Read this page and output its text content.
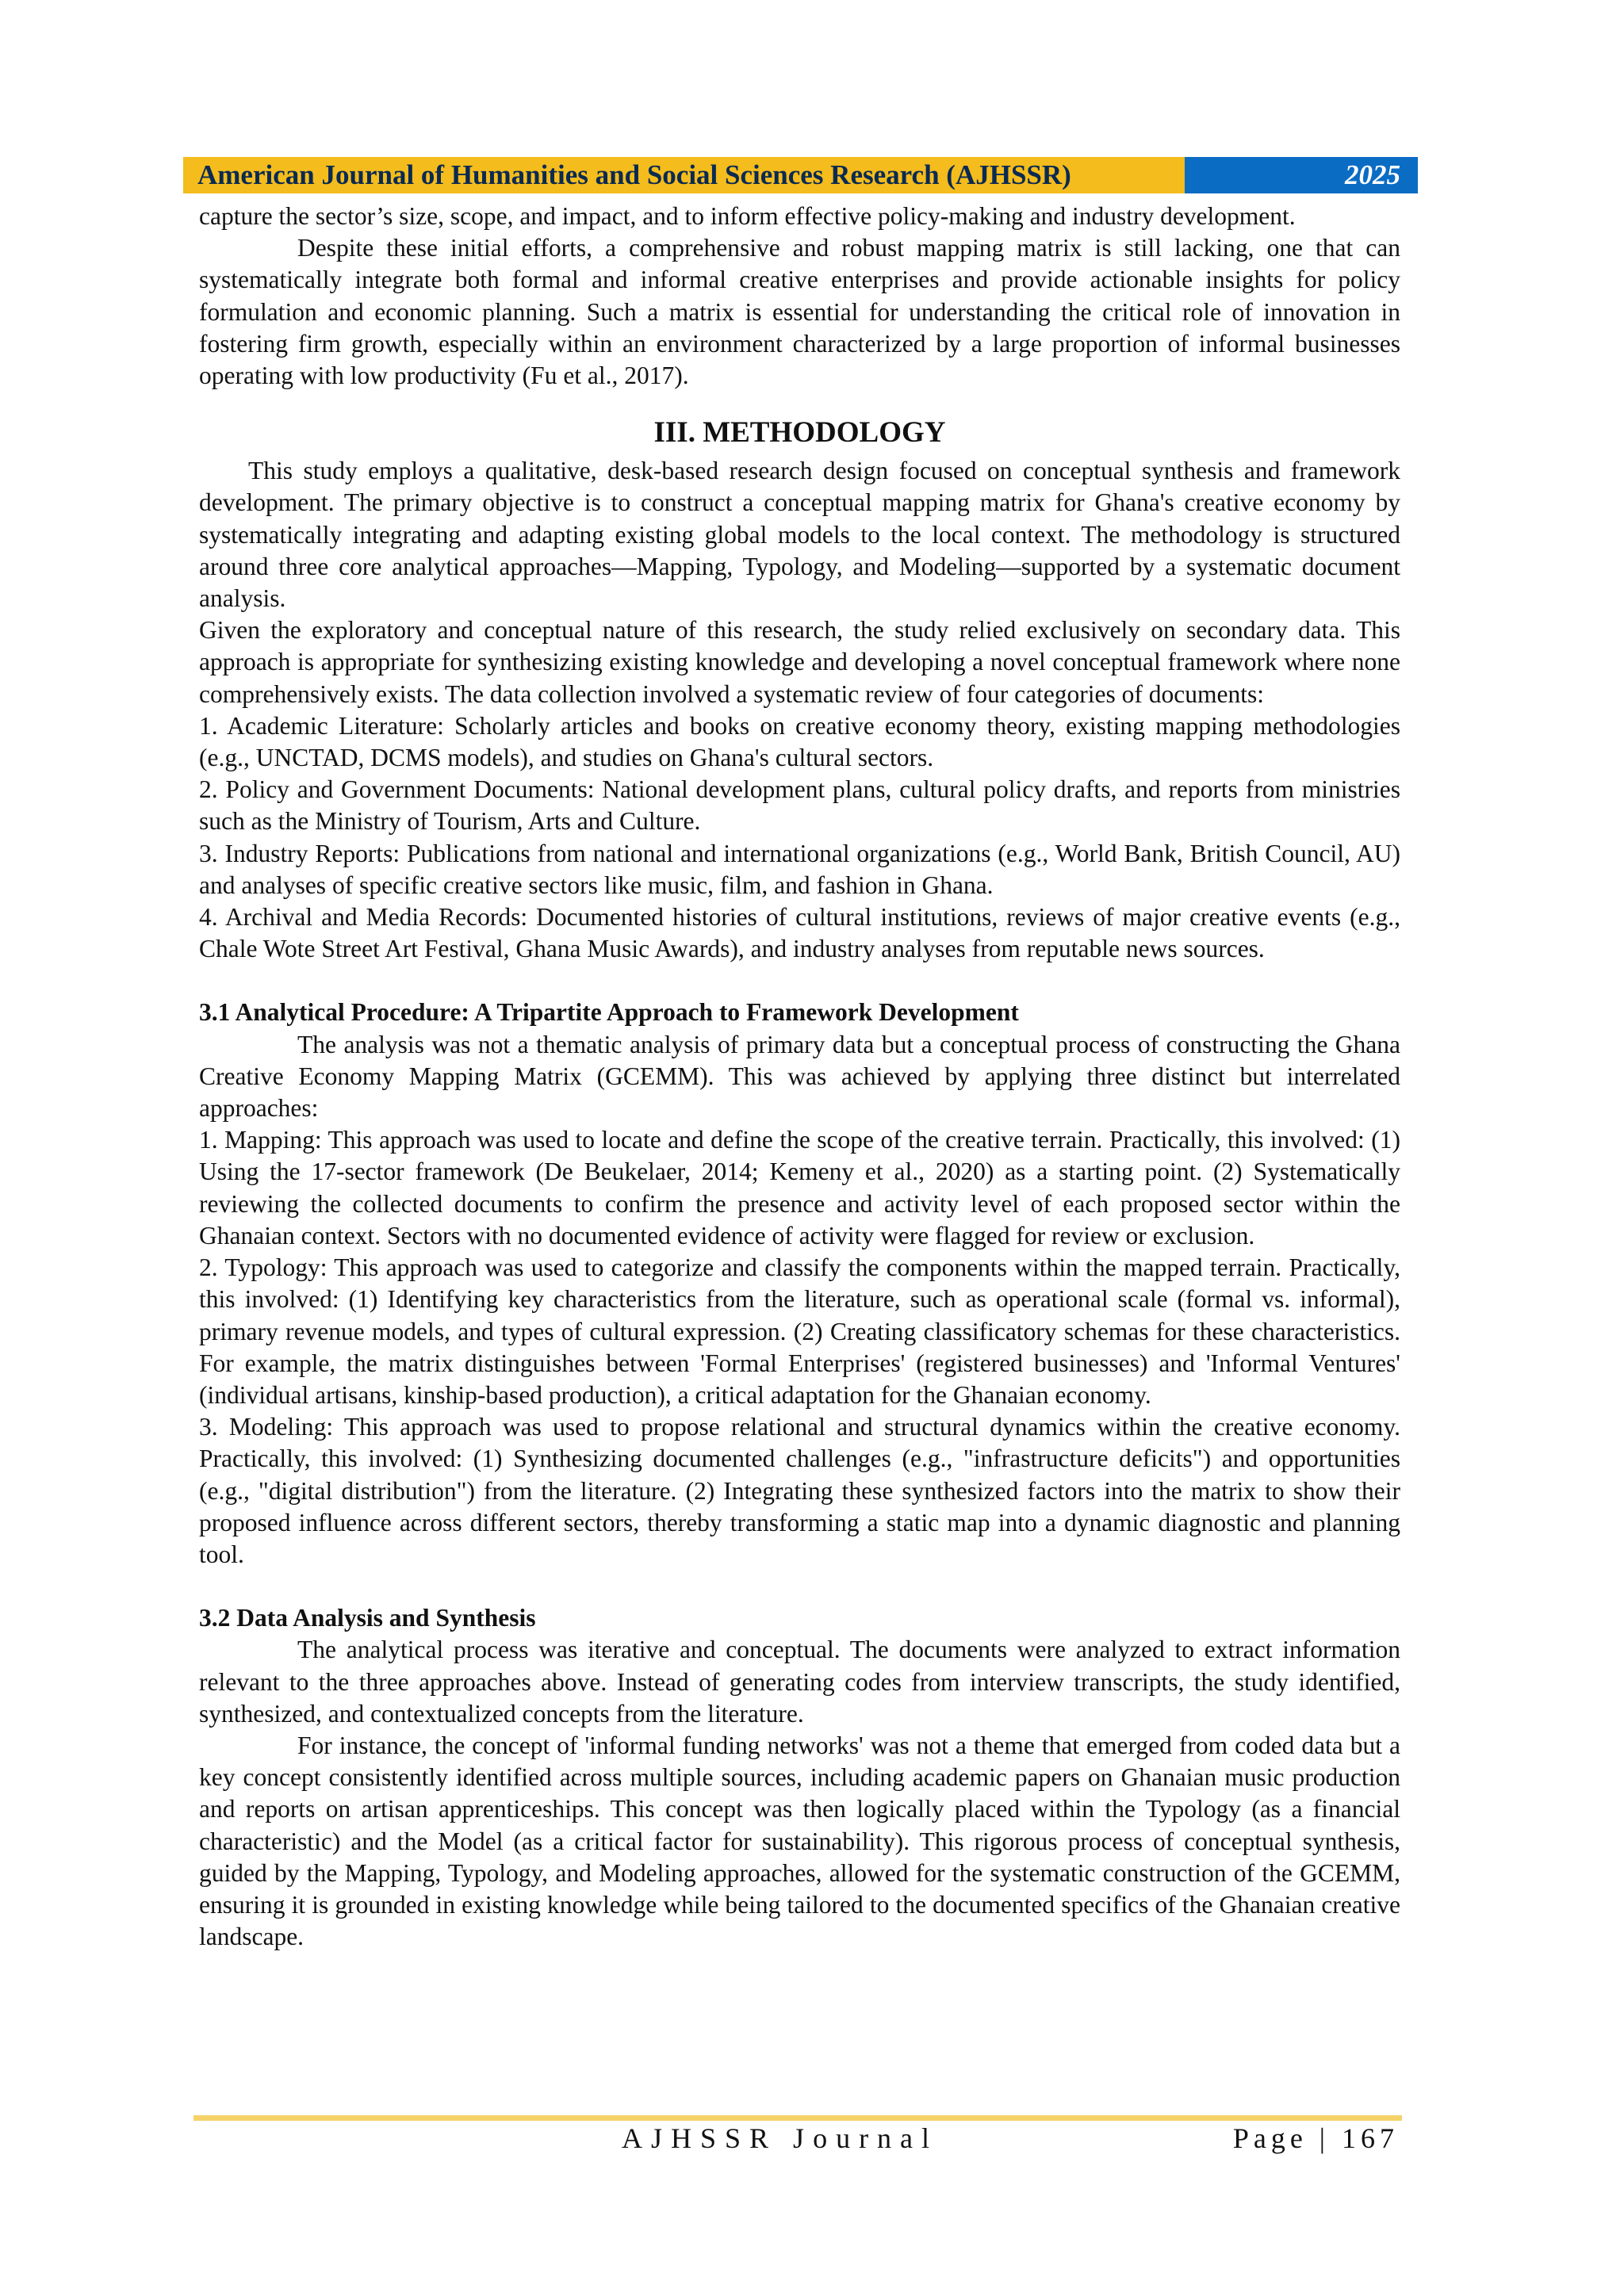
American Journal of Humanities and Social Sciences Research (AJHSSR)	2025

capture the sector’s size, scope, and impact, and to inform effective policy-making and industry development.

Despite these initial efforts, a comprehensive and robust mapping matrix is still lacking, one that can systematically integrate both formal and informal creative enterprises and provide actionable insights for policy formulation and economic planning. Such a matrix is essential for understanding the critical role of innovation in fostering firm growth, especially within an environment characterized by a large proportion of informal businesses operating with low productivity (Fu et al., 2017).

III. METHODOLOGY

This study employs a qualitative, desk-based research design focused on conceptual synthesis and framework development. The primary objective is to construct a conceptual mapping matrix for Ghana's creative economy by systematically integrating and adapting existing global models to the local context. The methodology is structured around three core analytical approaches—Mapping, Typology, and Modeling—supported by a systematic document analysis.

Given the exploratory and conceptual nature of this research, the study relied exclusively on secondary data. This approach is appropriate for synthesizing existing knowledge and developing a novel conceptual framework where none comprehensively exists. The data collection involved a systematic review of four categories of documents:

1. Academic Literature: Scholarly articles and books on creative economy theory, existing mapping methodologies (e.g., UNCTAD, DCMS models), and studies on Ghana's cultural sectors.

2. Policy and Government Documents: National development plans, cultural policy drafts, and reports from ministries such as the Ministry of Tourism, Arts and Culture.

3. Industry Reports: Publications from national and international organizations (e.g., World Bank, British Council, AU) and analyses of specific creative sectors like music, film, and fashion in Ghana.

4. Archival and Media Records: Documented histories of cultural institutions, reviews of major creative events (e.g., Chale Wote Street Art Festival, Ghana Music Awards), and industry analyses from reputable news sources.

3.1 Analytical Procedure: A Tripartite Approach to Framework Development

The analysis was not a thematic analysis of primary data but a conceptual process of constructing the Ghana Creative Economy Mapping Matrix (GCEMM). This was achieved by applying three distinct but interrelated approaches:

1. Mapping: This approach was used to locate and define the scope of the creative terrain. Practically, this involved: (1) Using the 17-sector framework (De Beukelaer, 2014; Kemeny et al., 2020) as a starting point. (2) Systematically reviewing the collected documents to confirm the presence and activity level of each proposed sector within the Ghanaian context. Sectors with no documented evidence of activity were flagged for review or exclusion.

2. Typology: This approach was used to categorize and classify the components within the mapped terrain. Practically, this involved: (1) Identifying key characteristics from the literature, such as operational scale (formal vs. informal), primary revenue models, and types of cultural expression. (2) Creating classificatory schemas for these characteristics. For example, the matrix distinguishes between 'Formal Enterprises' (registered businesses) and 'Informal Ventures' (individual artisans, kinship-based production), a critical adaptation for the Ghanaian economy.

3. Modeling: This approach was used to propose relational and structural dynamics within the creative economy. Practically, this involved: (1) Synthesizing documented challenges (e.g., "infrastructure deficits") and opportunities (e.g., "digital distribution") from the literature. (2) Integrating these synthesized factors into the matrix to show their proposed influence across different sectors, thereby transforming a static map into a dynamic diagnostic and planning tool.

3.2 Data Analysis and Synthesis

The analytical process was iterative and conceptual. The documents were analyzed to extract information relevant to the three approaches above. Instead of generating codes from interview transcripts, the study identified, synthesized, and contextualized concepts from the literature.

For instance, the concept of 'informal funding networks' was not a theme that emerged from coded data but a key concept consistently identified across multiple sources, including academic papers on Ghanaian music production and reports on artisan apprenticeships. This concept was then logically placed within the Typology (as a financial characteristic) and the Model (as a critical factor for sustainability). This rigorous process of conceptual synthesis, guided by the Mapping, Typology, and Modeling approaches, allowed for the systematic construction of the GCEMM, ensuring it is grounded in existing knowledge while being tailored to the documented specifics of the Ghanaian creative landscape.

AJHSSR Journal	Page | 167
